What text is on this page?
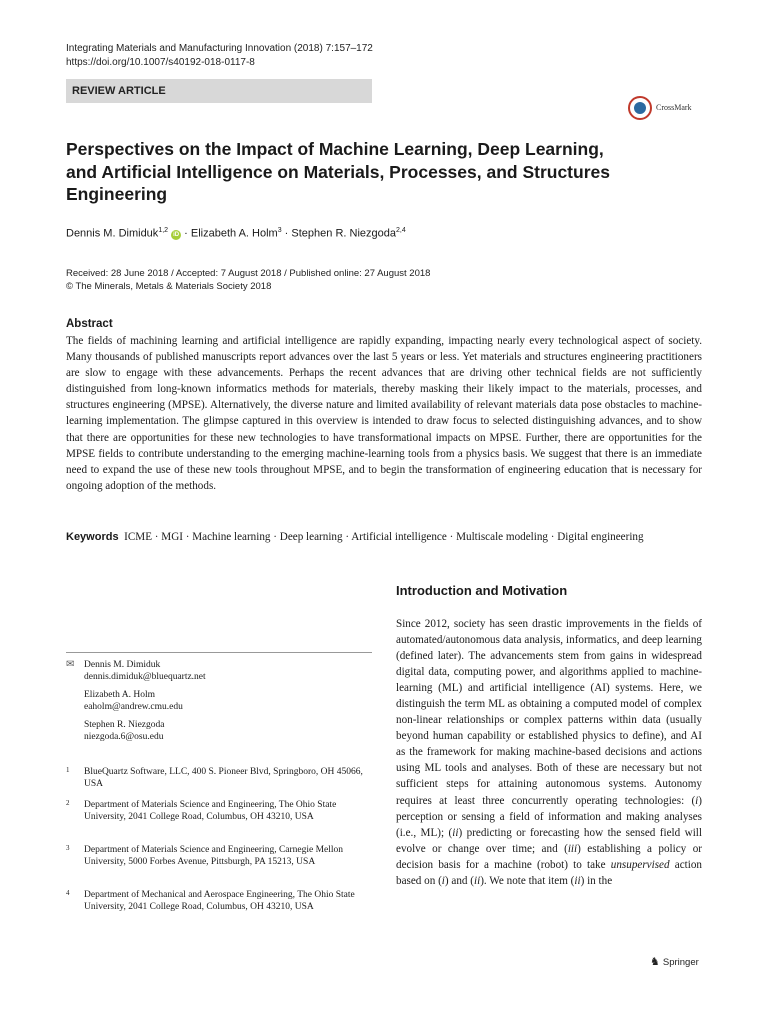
Integrating Materials and Manufacturing Innovation (2018) 7:157–172
https://doi.org/10.1007/s40192-018-0117-8
REVIEW ARTICLE
CrossMark
Perspectives on the Impact of Machine Learning, Deep Learning, and Artificial Intelligence on Materials, Processes, and Structures Engineering
Dennis M. Dimiduk$^{1,2}$ iD · Elizabeth A. Holm$^3$ · Stephen R. Niezgoda$^{2,4}$
Received: 28 June 2018 / Accepted: 7 August 2018 / Published online: 27 August 2018
© The Minerals, Metals & Materials Society 2018
Abstract

The fields of machining learning and artificial intelligence are rapidly expanding, impacting nearly every technological aspect of society. Many thousands of published manuscripts report advances over the last 5 years or less. Yet materials and structures engineering practitioners are slow to engage with these advancements. Perhaps the recent advances that are driving other technical fields are not sufficiently distinguished from long-known informatics methods for materials, thereby masking their likely impact to the materials, processes, and structures engineering (MPSE). Alternatively, the diverse nature and limited availability of relevant materials data pose obstacles to machine-learning implementation. The glimpse captured in this overview is intended to draw focus to selected distinguishing advances, and to show that there are opportunities for these new technologies to have transformational impacts on MPSE. Further, there are opportunities for the MPSE fields to contribute understanding to the emerging machine-learning tools from a physics basis. We suggest that there is an immediate need to expand the use of these new tools throughout MPSE, and to begin the transformation of engineering education that is necessary for ongoing adoption of the methods.

Keywords ICME · MGI · Machine learning · Deep learning · Artificial intelligence · Multiscale modeling · Digital engineering

Introduction and Motivation

Since 2012, society has seen drastic improvements in the fields of automated/autonomous data analysis, informatics, and deep learning (defined later). The advancements stem from gains in widespread digital data, computing power, and algorithms applied to machine-learning (ML) and artificial intelligence (AI) systems. Here, we distinguish the term ML as obtaining a computed model of complex non-linear relationships or complex patterns within data (usually beyond human capability or established physics to define), and AI as the framework for making machine-based decisions and actions using ML tools and analyses. Both of these are necessary but not sufficient steps for attaining autonomous systems. Autonomy requires at least three concurrently operating technologies: (i) perception or sensing a field of information and making analyses (i.e., ML); (ii) predicting or forecasting how the sensed field will evolve or change over time; and (iii) establishing a policy or decision basis for a machine (robot) to take unsupervised action based on (i) and (ii). We note that item (ii) in the

✉ Dennis M. Dimiduk
dennis.dimiduk@bluequartz.net
Elizabeth A. Holm
eaholm@andrew.cmu.edu
Stephen R. Niezgoda
niezgoda.6@osu.edu
1 BlueQuartz Software, LLC, 400 S. Pioneer Blvd, Springboro, OH 45066, USA
2 Department of Materials Science and Engineering, The Ohio State University, 2041 College Road, Columbus, OH 43210, USA
3 Department of Materials Science and Engineering, Carnegie Mellon University, 5000 Forbes Avenue, Pittsburgh, PA 15213, USA
4 Department of Mechanical and Aerospace Engineering, The Ohio State University, 2041 College Road, Columbus, OH 43210, USA
♞ Springer
